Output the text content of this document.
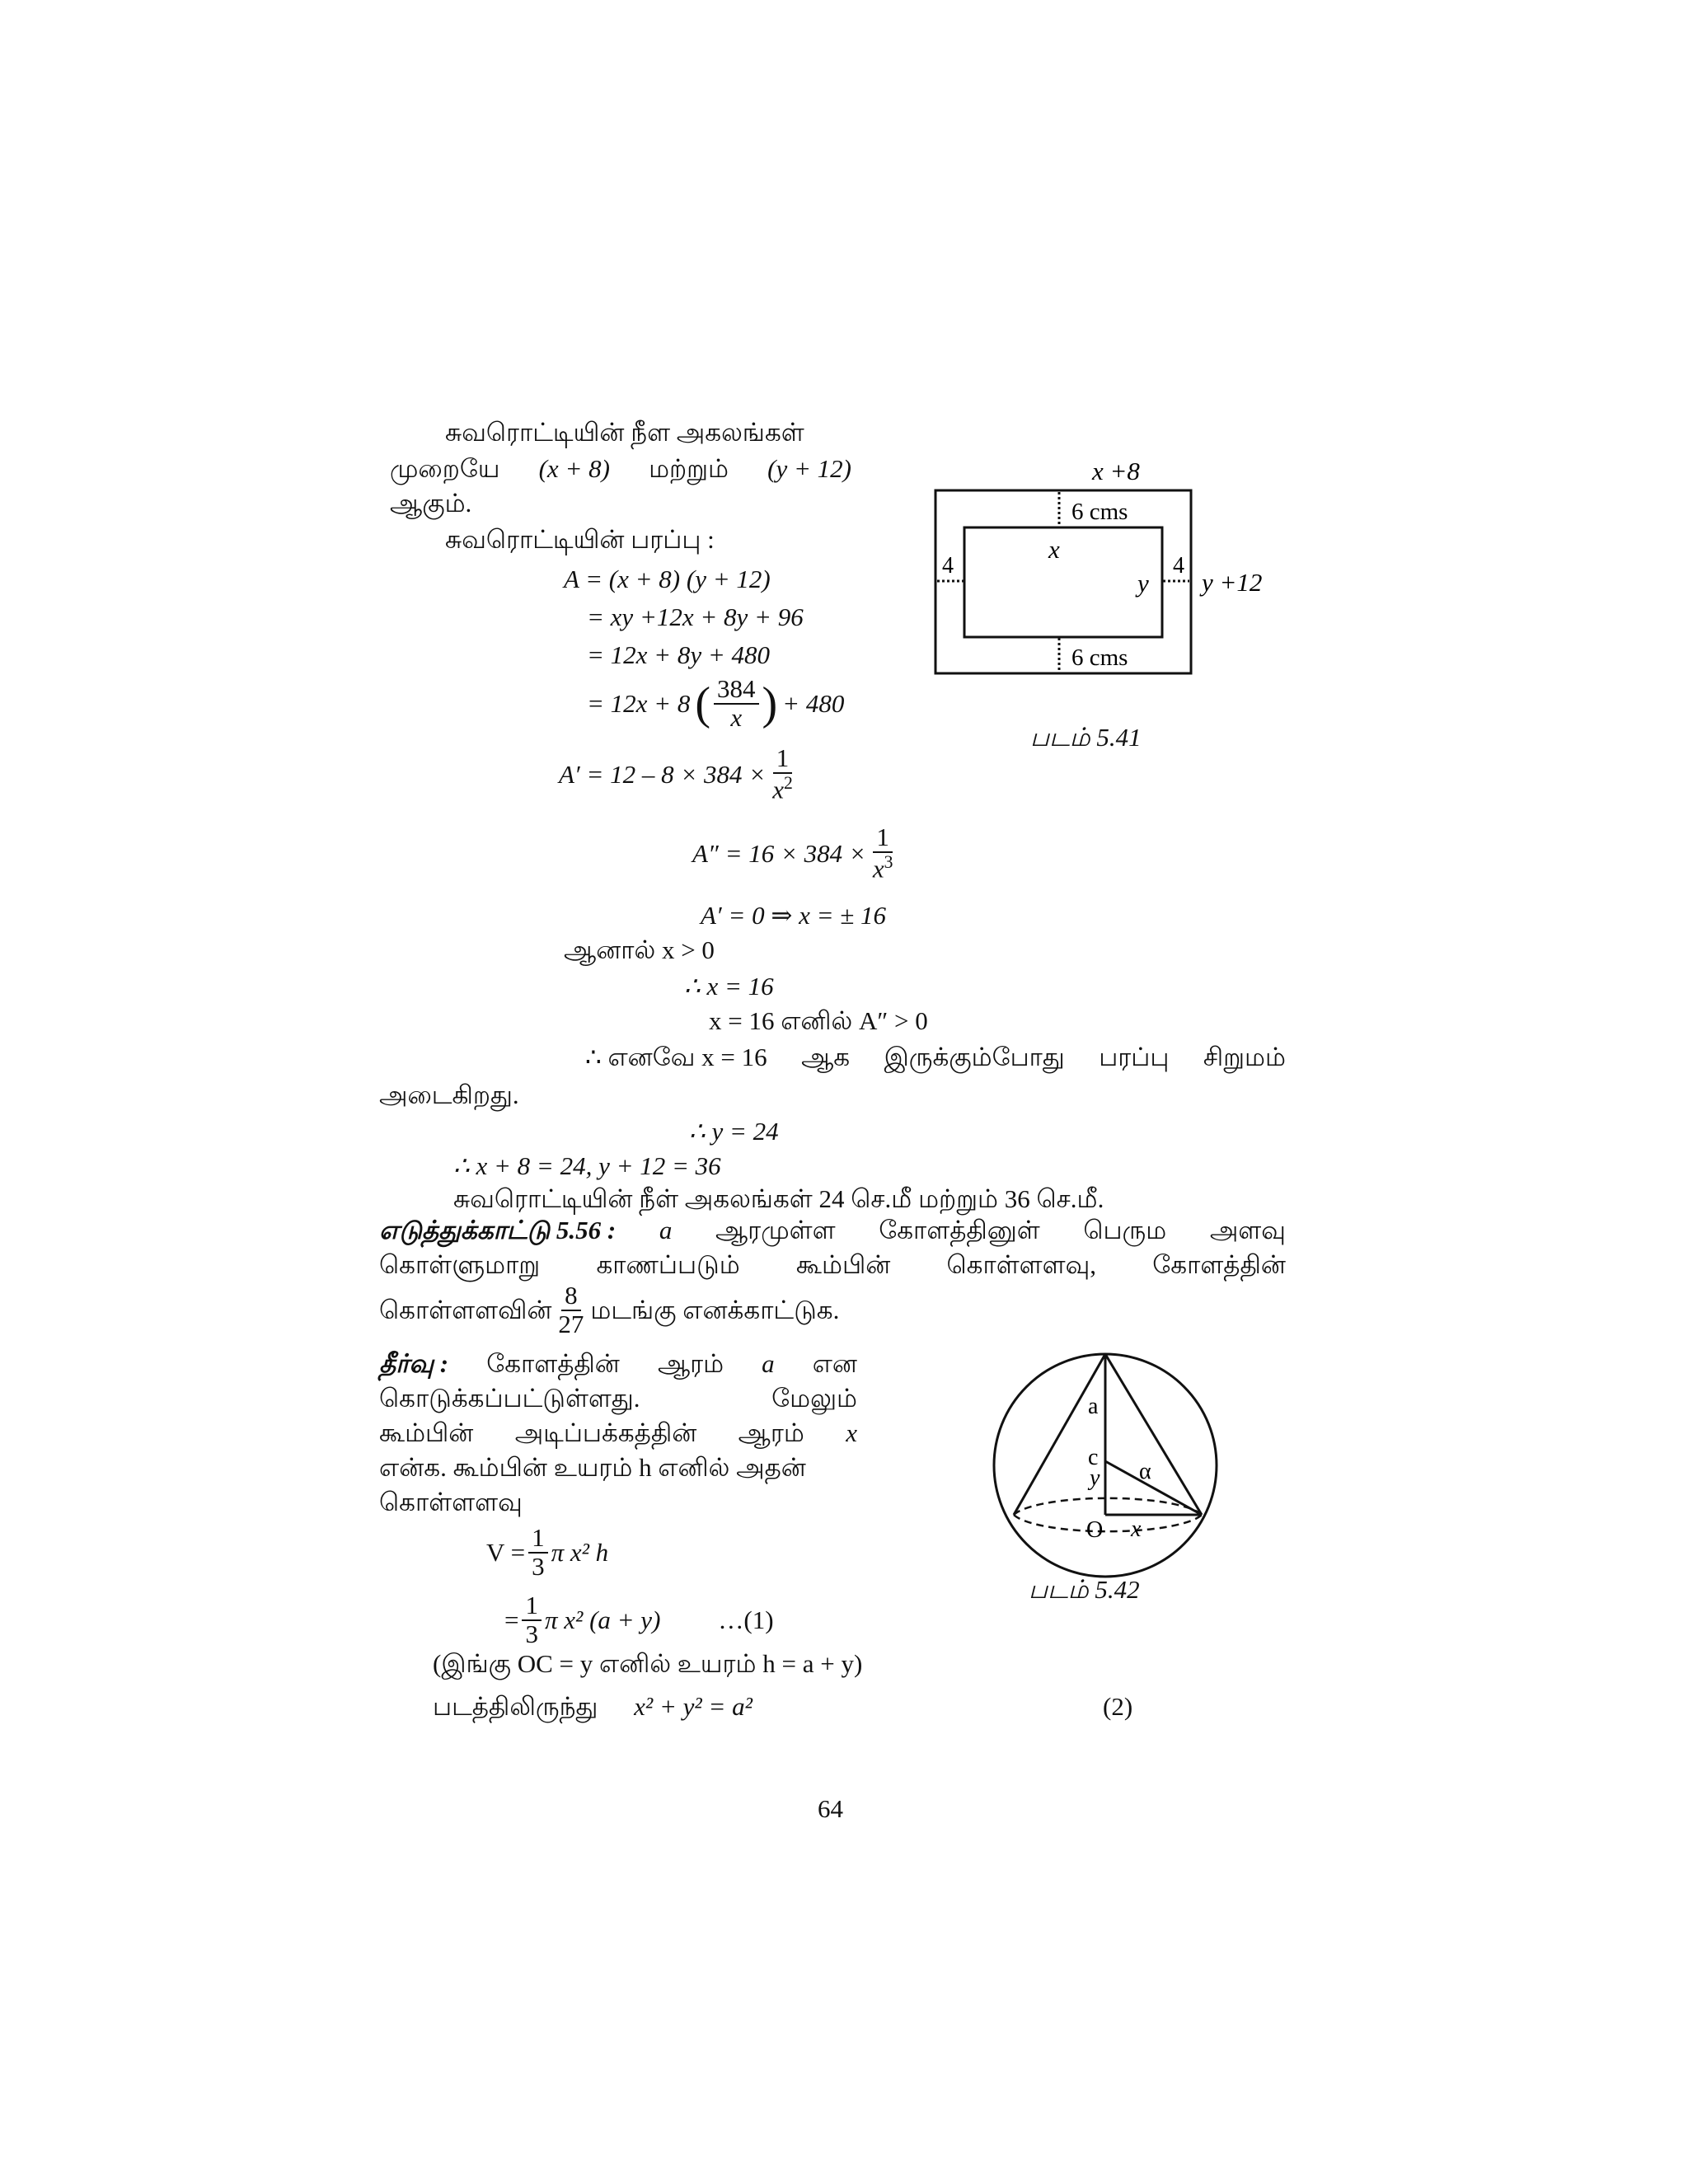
சுவரொட்டியின் நீள அகலங்கள்
முறையே (x + 8) மற்றும் (y + 12)
ஆகும்.
சுவரொட்டியின் பரப்பு :
A = (x + 8) (y + 12)
= xy +12x + 8y + 96
= 12x + 8y + 480
= 12x + 8 ( $\frac{384}{x}$ ) + 480
$A' = 12 - 8 \times 384 \times \frac{1}{x^2}$
$A'' = 16 \times 384 \times \frac{1}{x^3}$
A′ = 0 ⇒ x = ± 16
ஆனால் x > 0
∴ x = 16
x = 16 எனில் A″ > 0
∴ எனவே x = 16 ஆக இருக்கும்போது பரப்பு சிறுமம்
அடைகிறது.
∴ y = 24
∴ x + 8 = 24, y + 12 = 36
சுவரொட்டியின் நீள் அகலங்கள் 24 செ.மீ மற்றும் 36 செ.மீ.
x +8
6 cms
6 cms
x
y
4	4
y +12
படம் 5.41
எடுத்துக்காட்டு 5.56 : a ஆரமுள்ள கோளத்தினுள் பெரும அளவு
கொள்ளுமாறு காணப்படும் கூம்பின் கொள்ளளவு, கோளத்தின்
கொள்ளளவின் $\frac{8}{27}$ மடங்கு எனக்காட்டுக.
தீர்வு : கோளத்தின் ஆரம் a என
கொடுக்கப்பட்டுள்ளது.	மேலும்
கூம்பின் அடிப்பக்கத்தின் ஆரம் x
என்க. கூம்பின் உயரம் h எனில் அதன்
கொள்ளளவு
$V = \frac{1}{3}$ π x² h
= $\frac{1}{3}$ π x² (a + y) …(1)
(இங்கு OC = y எனில் உயரம் h = a + y)
படத்திலிருந்து x² + y² = a²	(2)
a
c
y α
O x
படம் 5.42
64
